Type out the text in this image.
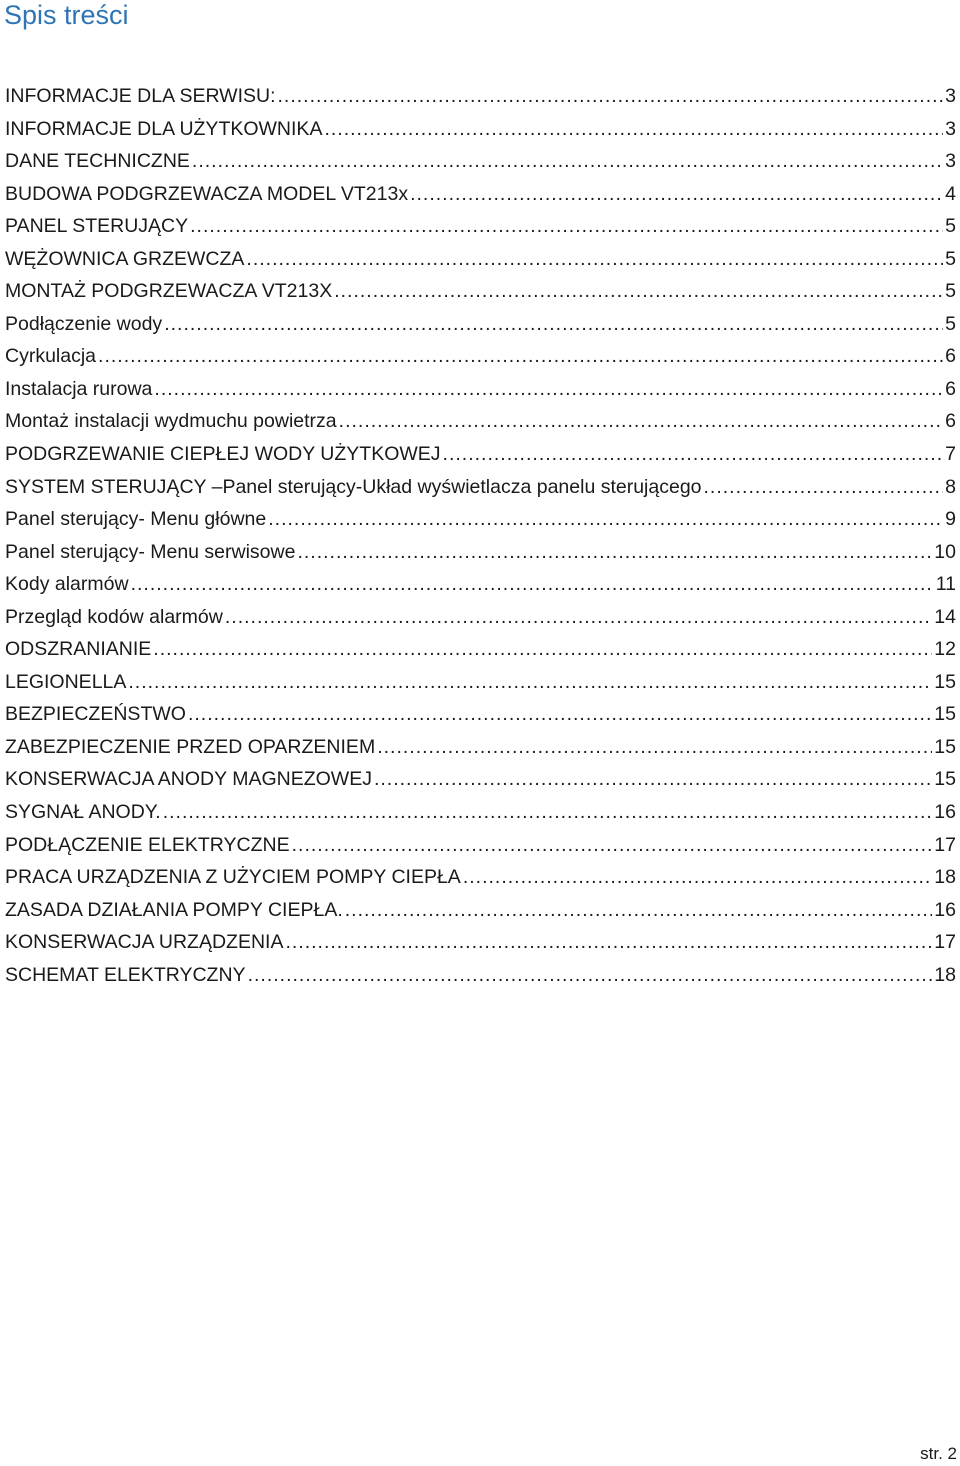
Spis treści
INFORMACJE DLA SERWISU: .....	3
INFORMACJE DLA UŻYTKOWNIKA .....	3
DANE TECHNICZNE .....	3
BUDOWA PODGRZEWACZA MODEL VT213x .....	4
PANEL STERUJĄCY .....	5
WĘŻOWNICA GRZEWCZA .....	5
MONTAŻ PODGRZEWACZA VT213X .....	5
Podłączenie wody .....	5
Cyrkulacja .....	6
Instalacja rurowa .....	6
Montaż instalacji wydmuchu powietrza .....	6
PODGRZEWANIE CIEPŁEJ WODY UŻYTKOWEJ .....	7
SYSTEM STERUJĄCY –Panel sterujący-Układ wyświetlacza panelu sterującego .....	8
Panel sterujący- Menu główne .....	9
Panel sterujący- Menu serwisowe .....	10
Kody alarmów .....	11
Przegląd kodów alarmów .....	14
ODSZRANIANIE .....	12
LEGIONELLA .....	15
BEZPIECZEŃSTWO .....	15
ZABEZPIECZENIE PRZED OPARZENIEM .....	15
KONSERWACJA ANODY MAGNEZOWEJ .....	15
SYGNAŁ ANODY. .....	16
PODŁĄCZENIE ELEKTRYCZNE .....	17
PRACA URZĄDZENIA Z UŻYCIEM POMPY CIEPŁA .....	18
ZASADA DZIAŁANIA POMPY CIEPŁA. .....	16
KONSERWACJA URZĄDZENIA .....	17
SCHEMAT ELEKTRYCZNY .....	18
str. 2
